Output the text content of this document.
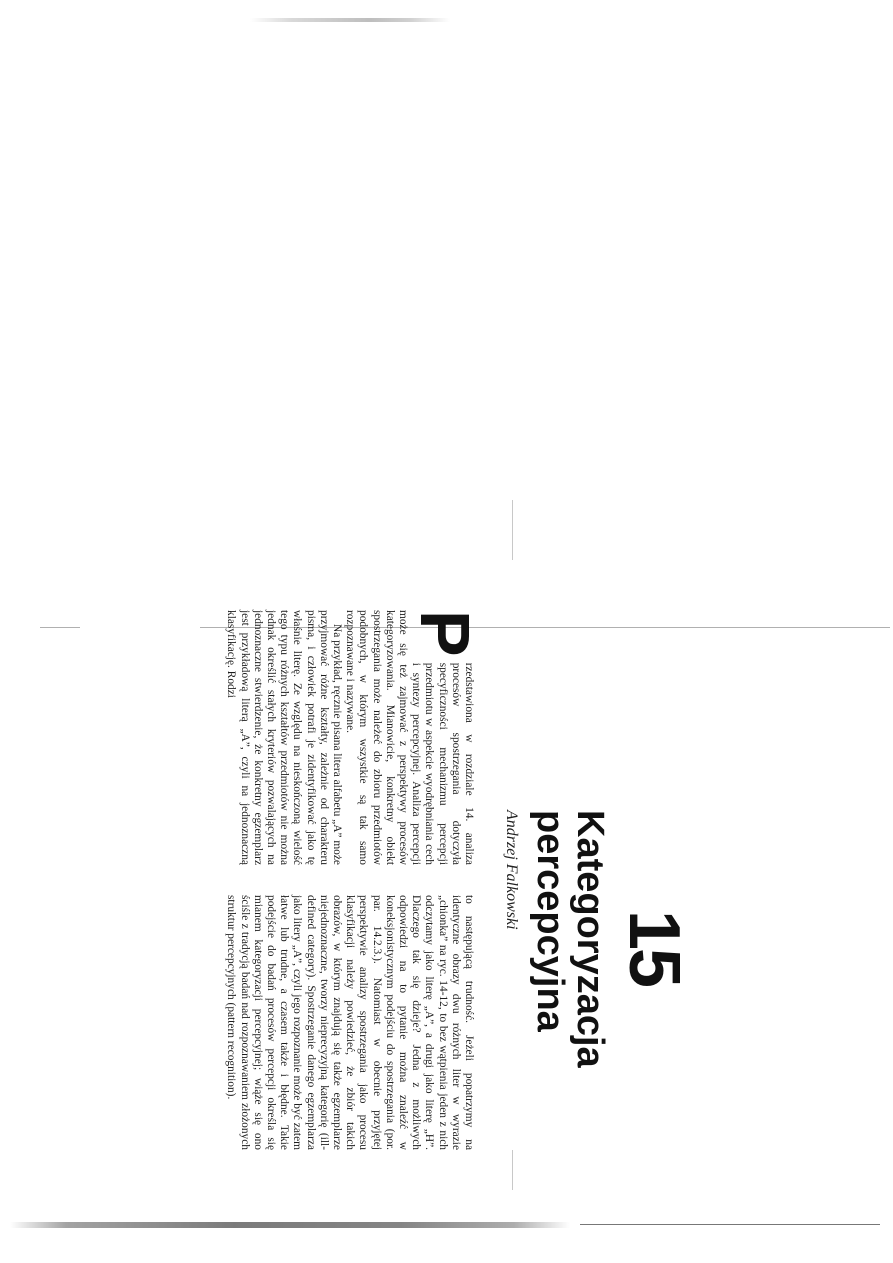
15
Kategoryzacja percepcyjna
Andrzej Falkowski
P

rzedstawiona w rozdziale 14. analiza procesów spostrzegania dotyczyła specyficzności mechanizmu percepcji przedmiotu w aspekcie wyodrębniania cech i syntezy percepcyjnej. Analiza percepcji może się też zajmować z perspektywy procesów kategoryzowania. Mianowicie, konkretny obiekt spostrzegania może należeć do zbioru przedmiotów podobnych, w którym wszystkie są tak samo rozpoznawane i nazywane.

Na przykład, ręcznie pisana litera alfabetu „A” może przyjmować różne kształty, zależnie od charakteru pisma, i człowiek potrafi je zidentyfikować jako tę właśnie literę. Ze względu na nieskończoną wielość tego typu różnych kształtów przedmiotów nie można jednak określić stałych kryteriów pozwalających na jednoznaczne stwierdzenie, że konkretny egzemplarz jest przykładową literą „A”, czyli na jednoznaczną klasyfikację. Rodzi

to następującą trudność. Jeżeli popatrzymy na identyczne obrazy dwu różnych liter w wyrazie „chionka” na ryc. 14-12, to bez wątpienia jeden z nich odczytamy jako literę „A”, a drugi jako literę „H”. Dlaczego tak się dzieje? Jedna z możliwych odpowiedzi na to pytanie można znaleźć w koneksjonistycznym podejściu do spostrzegania (por. par. 14.2.3.). Natomiast w obecnie przyjętej perspektywie analizy spostrzegania jako procesu klasyfikacji należy powiedzieć, że zbiór takich obrazów, w którym znajdują się także egzemplarze niejednoznaczne, tworzy nieprecyzyjną kategorię (ill-defined category). Spostrzeganie danego egzemplarza jako litery „A”, czyli jego rozpoznanie może być zatem łatwe lub trudne, a czasem także i błędne. Takie podejście do badań procesów percepcji określa się mianem kategoryzacji percepcyjnej; wiąże się ono ściśle z tradycją badań nad rozpoznawaniem złożonych struktur percepcyjnych (pattern recognition).
